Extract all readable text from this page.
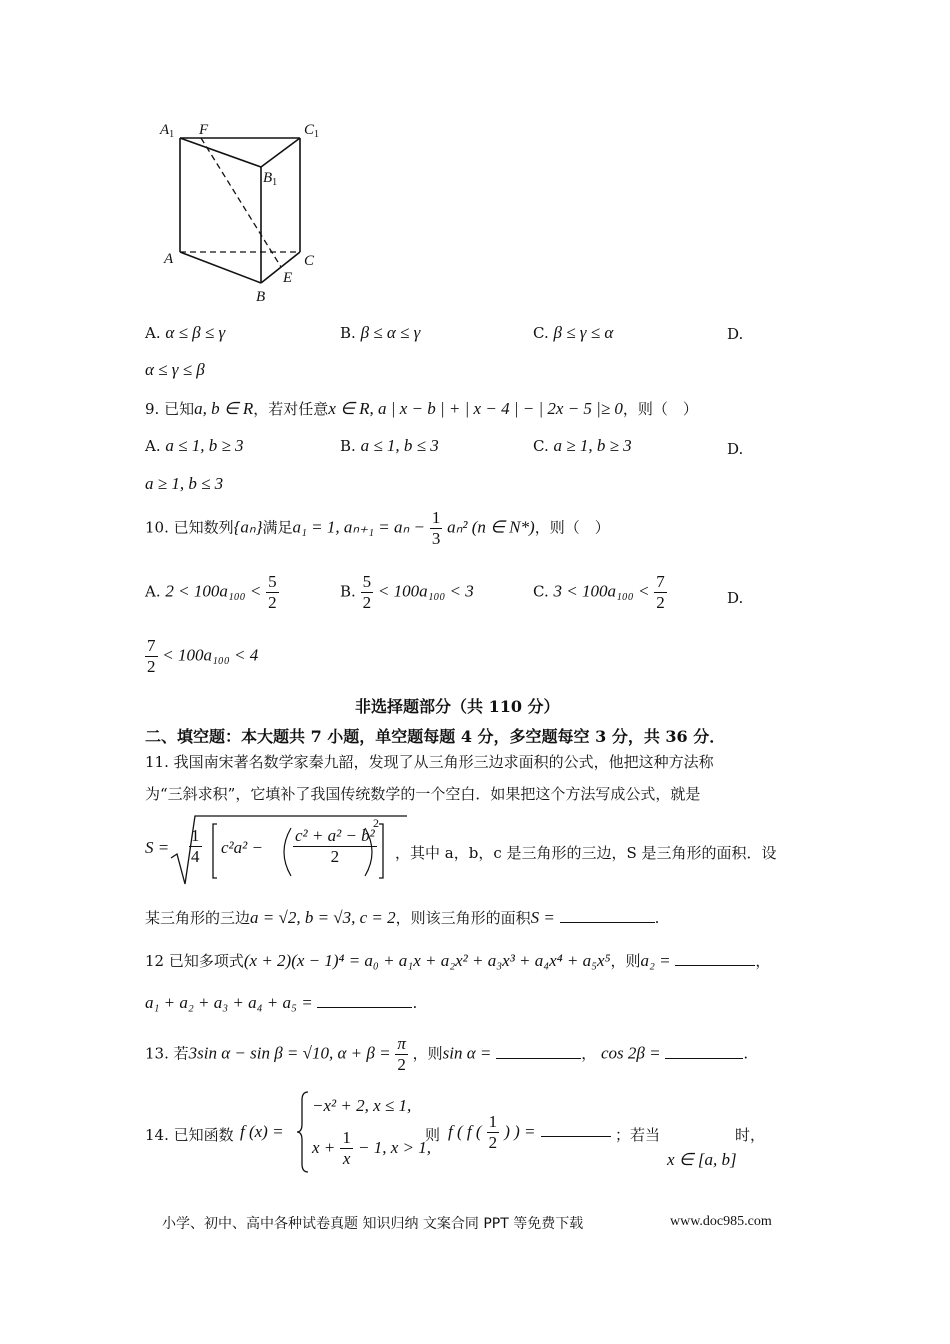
$A_1$ F	$C_1$
$B_1$
A	C
E
B
A. α ≤ β ≤ γ	B. β ≤ α ≤ γ	C. β ≤ γ ≤ α	D.
α ≤ γ ≤ β
9. 已知a, b ∈ R，若对任意x ∈ R, a | x − b | + | x − 4 | − | 2x − 5 |≥ 0，则（　）
A. a ≤ 1, b ≥ 3	B. a ≤ 1, b ≤ 3	C. a ≥ 1, b ≥ 3	D.
a ≥ 1, b ≤ 3
10. 已知数列{aₙ}满足a₁ = 1, $a_{n+1} = a_n - \frac{1}{3} a_n^2$ (n ∈ N*)，则（　）
A. $2 < 100a_{100} < \frac{5}{2}$	B. $\frac{5}{2} < 100a_{100} < 3$	C. $3 < 100a_{100} < \frac{7}{2}$	D.
$\frac{7}{2} < 100a_{100} < 4$
非选择题部分（共 110 分）
二、填空题：本大题共 7 小题，单空题每题 4 分，多空题每空 3 分，共 36 分．
11. 我国南宋著名数学家秦九韶，发现了从三角形三边求面积的公式，他把这种方法称
为“三斜求积”，它填补了我国传统数学的一个空白．如果把这个方法写成公式，就是
$S = \frac{1}{4} c^2a^2 - \frac{\text{c² + a² − b²}}{2}$
2
，其中 a，b，c 是三角形的三边，S 是三角形的面积．设
某三角形的三边a = √2, b = √3, c = 2，则该三角形的面积S =	.
12 已知多项式(x + 2)(x − 1)⁴ = a₀ + a₁x + a₂x² + a₃x³ + a₄x⁴ + a₅x⁵，则a₂ =	，
a₁ + a₂ + a₃ + a₄ + a₅ =	.
13. 若3sin α − sin β = √10, $\alpha + \beta = \frac{\pi}{2}$ ，则sin α =	， cos 2β =	.
14. 已知函数 f (x) =
−x² + 2, x ≤ 1,
$x + \frac{1}{x} - 1$, x > 1,
则 f ( f ( $\frac{1}{2}$ ) ) =	；若当	时，
x ∈ [a, b]
小学、初中、高中各种试卷真题 知识归纳 文案合同 PPT 等免费下载	www.doc985.com
